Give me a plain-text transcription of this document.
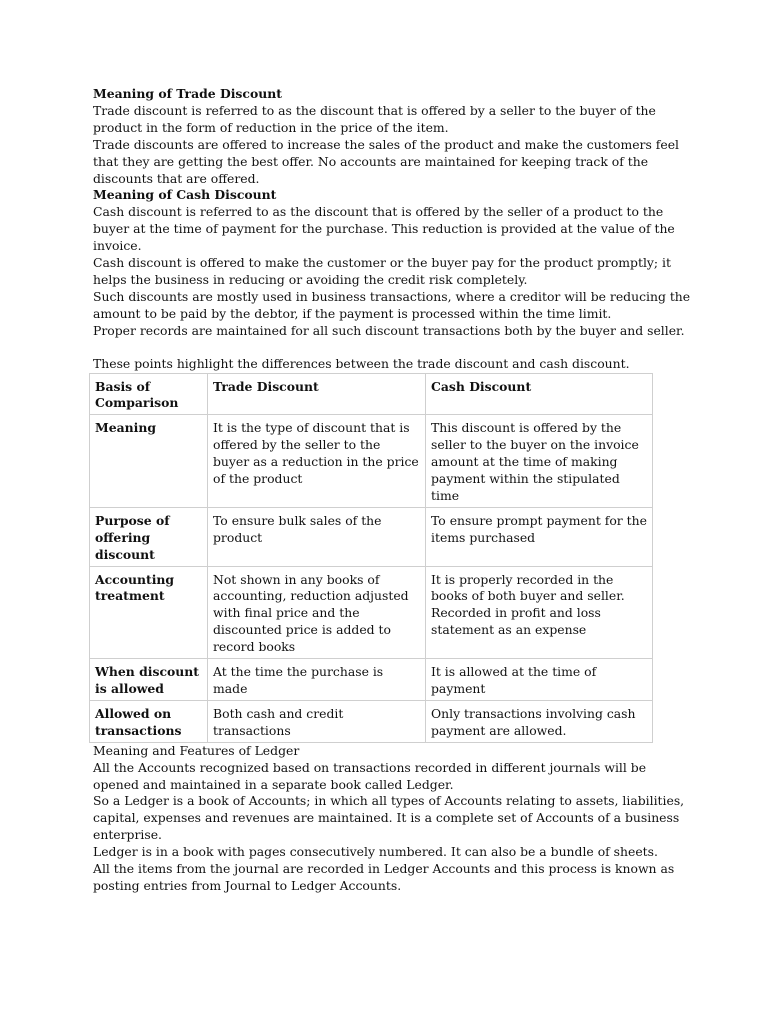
Meaning of Trade Discount

Trade discount is referred to as the discount that is offered by a seller to the buyer of the product in the form of reduction in the price of the item.

Trade discounts are offered to increase the sales of the product and make the customers feel that they are getting the best offer. No accounts are maintained for keeping track of the discounts that are offered.

Meaning of Cash Discount

Cash discount is referred to as the discount that is offered by the seller of a product to the buyer at the time of payment for the purchase. This reduction is provided at the value of the invoice.

Cash discount is offered to make the customer or the buyer pay for the product promptly; it helps the business in reducing or avoiding the credit risk completely.

Such discounts are mostly used in business transactions, where a creditor will be reducing the amount to be paid by the debtor, if the payment is processed within the time limit.

Proper records are maintained for all such discount transactions both by the buyer and seller.

These points highlight the differences between the trade discount and cash discount.

Basis of Comparison	Trade Discount	Cash Discount
Meaning	It is the type of discount that is offered by the seller to the buyer as a reduction in the price of the product	This discount is offered by the seller to the buyer on the invoice amount at the time of making payment within the stipulated time
Purpose of offering discount	To ensure bulk sales of the product	To ensure prompt payment for the items purchased
Accounting treatment	Not shown in any books of accounting, reduction adjusted with final price and the discounted price is added to record books	It is properly recorded in the books of both buyer and seller. Recorded in profit and loss statement as an expense
When discount is allowed	At the time the purchase is made	It is allowed at the time of payment
Allowed on transactions	Both cash and credit transactions	Only transactions involving cash payment are allowed.
Meaning and Features of Ledger

All the Accounts recognized based on transactions recorded in different journals will be opened and maintained in a separate book called Ledger.

So a Ledger is a book of Accounts; in which all types of Accounts relating to assets, liabilities, capital, expenses and revenues are maintained. It is a complete set of Accounts of a business enterprise.

Ledger is in a book with pages consecutively numbered. It can also be a bundle of sheets.

All the items from the journal are recorded in Ledger Accounts and this process is known as posting entries from Journal to Ledger Accounts.
